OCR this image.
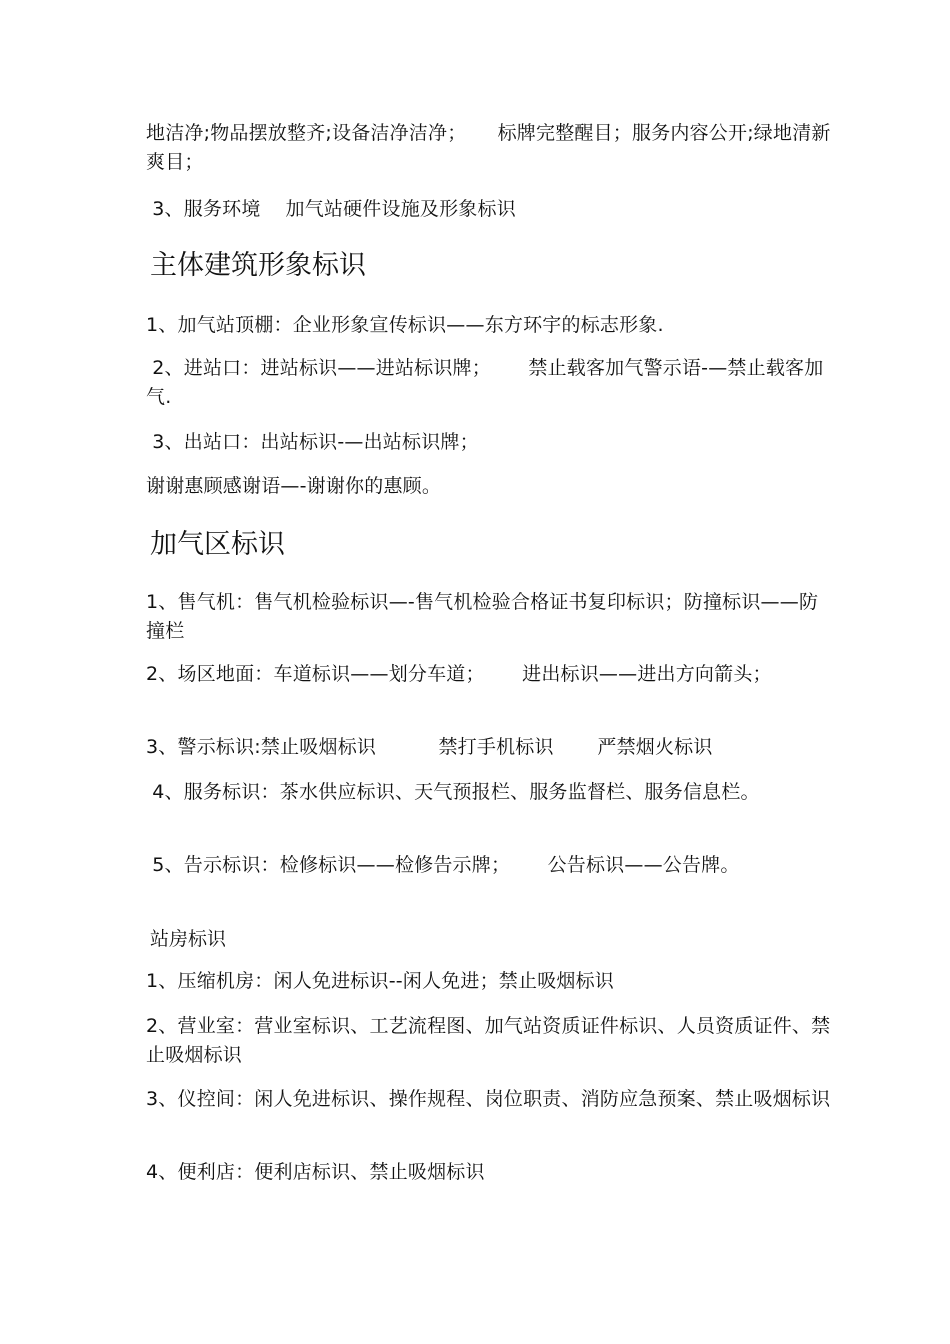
地洁净;物品摆放整齐;设备洁净洁净；     标牌完整醒目；服务内容公开;绿地清新爽目；
3、服务环境    加气站硬件设施及形象标识
主体建筑形象标识
1、加气站顶棚：企业形象宣传标识——东方环宇的标志形象.
2、进站口：进站标识——进站标识牌；      禁止载客加气警示语-—禁止载客加气.
3、出站口：出站标识-—出站标识牌；
谢谢惠顾感谢语—-谢谢你的惠顾。
加气区标识
1、售气机：售气机检验标识—-售气机检验合格证书复印标识；防撞标识——防撞栏
2、场区地面：车道标识——划分车道；      进出标识——进出方向箭头；
3、警示标识:禁止吸烟标识          禁打手机标识       严禁烟火标识
4、服务标识：茶水供应标识、天气预报栏、服务监督栏、服务信息栏。
5、告示标识：检修标识——检修告示牌；      公告标识——公告牌。
站房标识
1、压缩机房：闲人免进标识--闲人免进；禁止吸烟标识
2、营业室：营业室标识、工艺流程图、加气站资质证件标识、人员资质证件、禁止吸烟标识
3、仪控间：闲人免进标识、操作规程、岗位职责、消防应急预案、禁止吸烟标识
4、便利店：便利店标识、禁止吸烟标识
